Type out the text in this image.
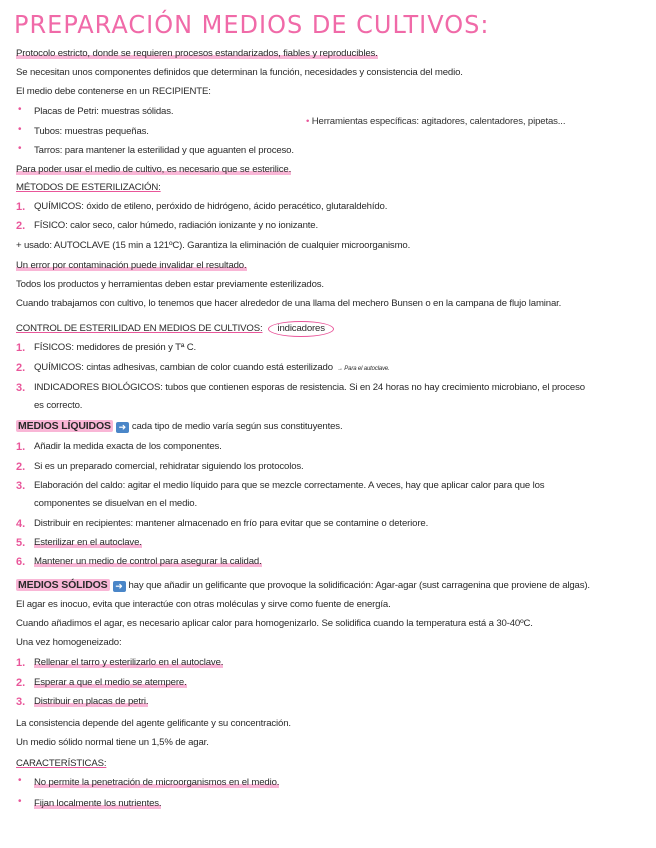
PREPARACIÓN MEDIOS DE CULTIVOS:
Protocolo estricto, donde se requieren procesos estandarizados, fiables y reproducibles.
Se necesitan unos componentes definidos que determinan la función, necesidades y consistencia del medio.
El medio debe contenerse en un RECIPIENTE:
• Placas de Petri: muestras sólidas.
• Tubos: muestras pequeñas.
• Tarros: para mantener la esterilidad y que aguanten el proceso.
• Herramientas específicas: agitadores, calentadores, pipetas...
Para poder usar el medio de cultivo, es necesario que se esterilice.
MÉTODOS DE ESTERILIZACIÓN:
1. QUÍMICOS: óxido de etileno, peróxido de hidrógeno, ácido peracético, glutaraldehído.
2. FÍSICO: calor seco, calor húmedo, radiación ionizante y no ionizante.
+ usado: AUTOCLAVE (15 min a 121ºC). Garantiza la eliminación de cualquier microorganismo.
Un error por contaminación puede invalidar el resultado.
Todos los productos y herramientas deben estar previamente esterilizados.
Cuando trabajamos con cultivo, lo tenemos que hacer alrededor de una llama del mechero Bunsen o en la campana de flujo laminar.
CONTROL DE ESTERILIDAD EN MEDIOS DE CULTIVOS: indicadores
1. FÍSICOS: medidores de presión y Tª C.
2. QUÍMICOS: cintas adhesivas, cambian de color cuando está esterilizado → Para el autoclave.
3. INDICADORES BIOLÓGICOS: tubos que contienen esporas de resistencia. Si en 24 horas no hay crecimiento microbiano, el proceso
es correcto.
MEDIOS LÍQUIDOS ➜ cada tipo de medio varía según sus constituyentes.
1. Añadir la medida exacta de los componentes.
2. Si es un preparado comercial, rehidratar siguiendo los protocolos.
3. Elaboración del caldo: agitar el medio líquido para que se mezcle correctamente. A veces, hay que aplicar calor para que los
componentes se disuelvan en el medio.
4. Distribuir en recipientes: mantener almacenado en frío para evitar que se contamine o deteriore.
5. Esterilizar en el autoclave.
6. Mantener un medio de control para asegurar la calidad.
MEDIOS SÓLIDOS ➜ hay que añadir un gelificante que provoque la solidificación: Agar-agar (sust carragenina que proviene de algas).
El agar es inocuo, evita que interactúe con otras moléculas y sirve como fuente de energía.
Cuando añadimos el agar, es necesario aplicar calor para homogenizarlo. Se solidifica cuando la temperatura está a 30-40ºC.
Una vez homogeneizado:
1. Rellenar el tarro y esterilizarlo en el autoclave.
2. Esperar a que el medio se atempere.
3. Distribuir en placas de petri.
La consistencia depende del agente gelificante y su concentración.
Un medio sólido normal tiene un 1,5% de agar.
CARACTERÍSTICAS:
• No permite la penetración de microorganismos en el medio.
• Fijan localmente los nutrientes.
